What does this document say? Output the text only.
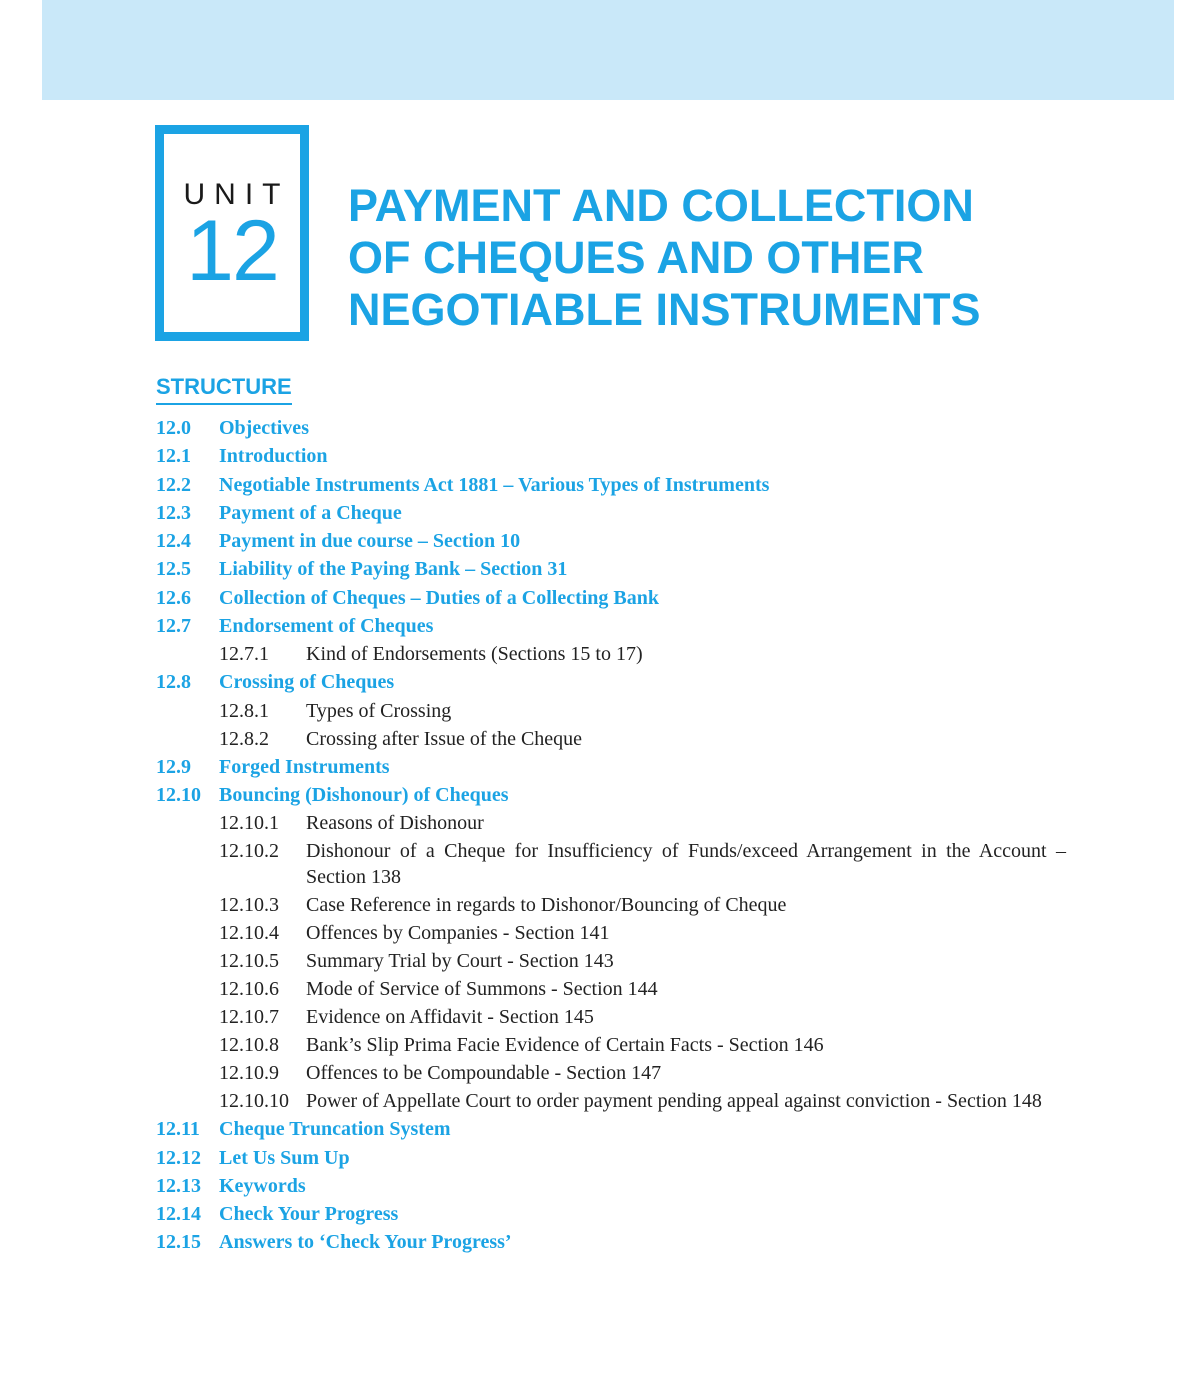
UNIT
12	PAYMENT AND COLLECTION
OF CHEQUES AND OTHER
NEGOTIABLE INSTRUMENTS
STRUCTURE
12.0 Objectives
12.1 Introduction
12.2 Negotiable Instruments Act 1881 – Various Types of Instruments
12.3 Payment of a Cheque
12.4 Payment in due course – Section 10
12.5 Liability of the Paying Bank – Section 31
12.6 Collection of Cheques – Duties of a Collecting Bank
12.7 Endorsement of Cheques
12.7.1 Kind of Endorsements (Sections 15 to 17)
12.8 Crossing of Cheques
12.8.1 Types of Crossing
12.8.2 Crossing after Issue of the Cheque
12.9 Forged Instruments
12.10 Bouncing (Dishonour) of Cheques
12.10.1 Reasons of Dishonour
12.10.2 Dishonour of a Cheque for Insufficiency of Funds/exceed Arrangement in the Account –Section 138
12.10.3 Case Reference in regards to Dishonor/Bouncing of Cheque
12.10.4 Offences by Companies - Section 141
12.10.5 Summary Trial by Court - Section 143
12.10.6 Mode of Service of Summons - Section 144
12.10.7 Evidence on Affidavit - Section 145
12.10.8 Bank’s Slip Prima Facie Evidence of Certain Facts - Section 146
12.10.9 Offences to be Compoundable - Section 147
12.10.10 Power of Appellate Court to order payment pending appeal against conviction - Section 148
12.11 Cheque Truncation System
12.12 Let Us Sum Up
12.13 Keywords
12.14 Check Your Progress
12.15 Answers to ‘Check Your Progress’
